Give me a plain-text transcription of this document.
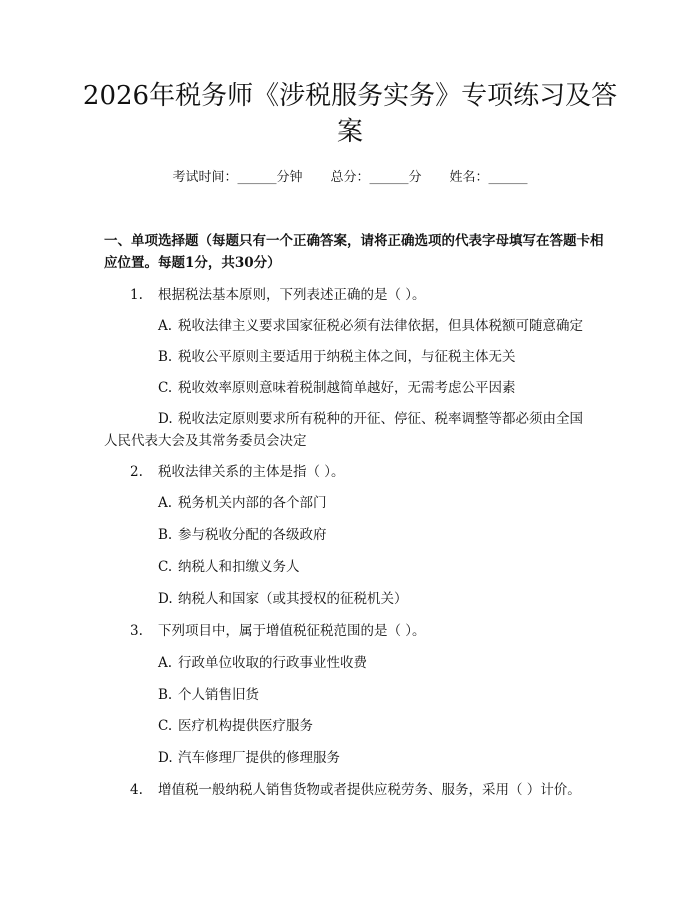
2026年税务师《涉税服务实务》专项练习及答案
考试时间：______分钟 总分：______分 姓名：______

一、单项选择题（每题只有一个正确答案，请将正确选项的代表字母填写在答题卡相应位置。每题1分，共30分）

1. 根据税法基本原则，下列表述正确的是（ ）。
A. 税收法律主义要求国家征税必须有法律依据，但具体税额可随意确定
B. 税收公平原则主要适用于纳税主体之间，与征税主体无关
C. 税收效率原则意味着税制越简单越好，无需考虑公平因素
D. 税收法定原则要求所有税种的开征、停征、税率调整等都必须由全国
人民代表大会及其常务委员会决定
2. 税收法律关系的主体是指（ ）。
A. 税务机关内部的各个部门
B. 参与税收分配的各级政府
C. 纳税人和扣缴义务人
D. 纳税人和国家（或其授权的征税机关）
3. 下列项目中，属于增值税征税范围的是（ ）。
A. 行政单位收取的行政事业性收费
B. 个人销售旧货
C. 医疗机构提供医疗服务
D. 汽车修理厂提供的修理服务
4. 增值税一般纳税人销售货物或者提供应税劳务、服务，采用（ ）计价。
